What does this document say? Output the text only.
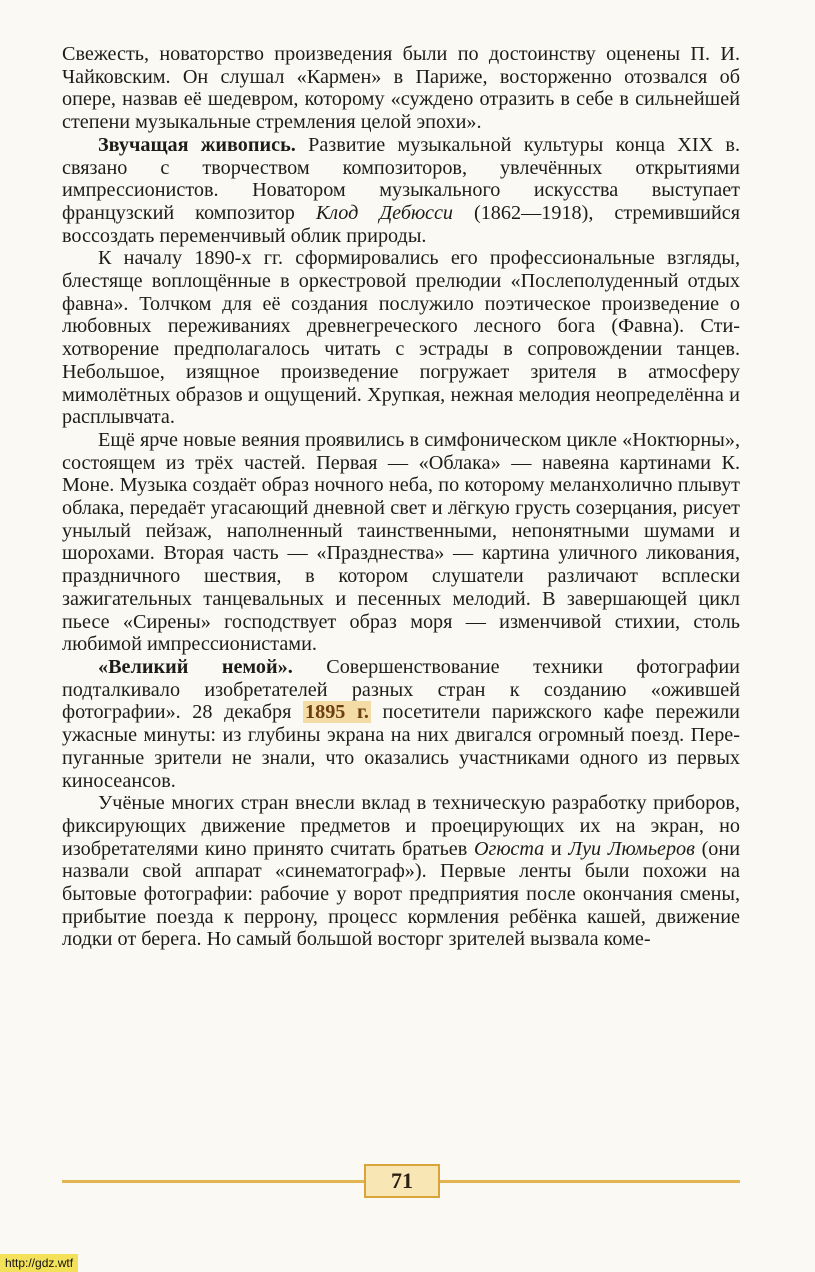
Свежесть, новаторство произведения были по достоинству оценены П. И. Чайковским. Он слушал «Кармен» в Париже, восторженно отозвался об опере, назвав её шедевром, которому «суждено отразить в себе в сильнейшей степени музыкальные стремления целой эпохи».

Звучащая живопись. Развитие музыкальной культуры конца XIX в. связано с творчеством композиторов, увлечённых открытиями импрессионистов. Новатором музыкального искусства выступает французский композитор Клод Дебюсси (1862—1918), стремившийся воссоздать переменчивый облик природы.

К началу 1890-х гг. сформировались его профессиональные взгляды, блестяще воплощённые в оркестровой прелюдии «Послеполуденный отдых фавна». Толчком для её создания послужило поэтическое произведение о любовных переживаниях древнегреческого лесного бога (Фавна). Стихотворение предполагалось читать с эстрады в сопровождении танцев. Небольшое, изящное произведение погружает зрителя в атмосферу мимолётных образов и ощущений. Хрупкая, нежная мелодия неопределённа и расплывчата.

Ещё ярче новые веяния проявились в симфоническом цикле «Ноктюрны», состоящем из трёх частей. Первая — «Облака» — навеяна картинами К. Моне. Музыка создаёт образ ночного неба, по которому меланхолично плывут облака, передаёт угасающий дневной свет и лёгкую грусть созерцания, рисует унылый пейзаж, наполненный таинственными, непонятными шумами и шорохами. Вторая часть — «Празднества» — картина уличного ликования, праздничного шествия, в котором слушатели различают всплески зажигательных танцевальных и песенных мелодий. В завершающей цикл пьесе «Сирены» господствует образ моря — изменчивой стихии, столь любимой импрессионистами.

«Великий немой». Совершенствование техники фотографии подталкивало изобретателей разных стран к созданию «ожившей фотографии». 28 декабря 1895 г. посетители парижского кафе пережили ужасные минуты: из глубины экрана на них двигался огромный поезд. Перепуганные зрители не знали, что оказались участниками одного из первых киносеансов.

Учёные многих стран внесли вклад в техническую разработку приборов, фиксирующих движение предметов и проецирующих их на экран, но изобретателями кино принято считать братьев Огюста и Луи Люмьеров (они назвали свой аппарат «синематограф»). Первые ленты были похожи на бытовые фотографии: рабочие у ворот предприятия после окончания смены, прибытие поезда к перрону, процесс кормления ребёнка кашей, движение лодки от берега. Но самый большой восторг зрителей вызвала коме-

71
http://gdz.wtf
